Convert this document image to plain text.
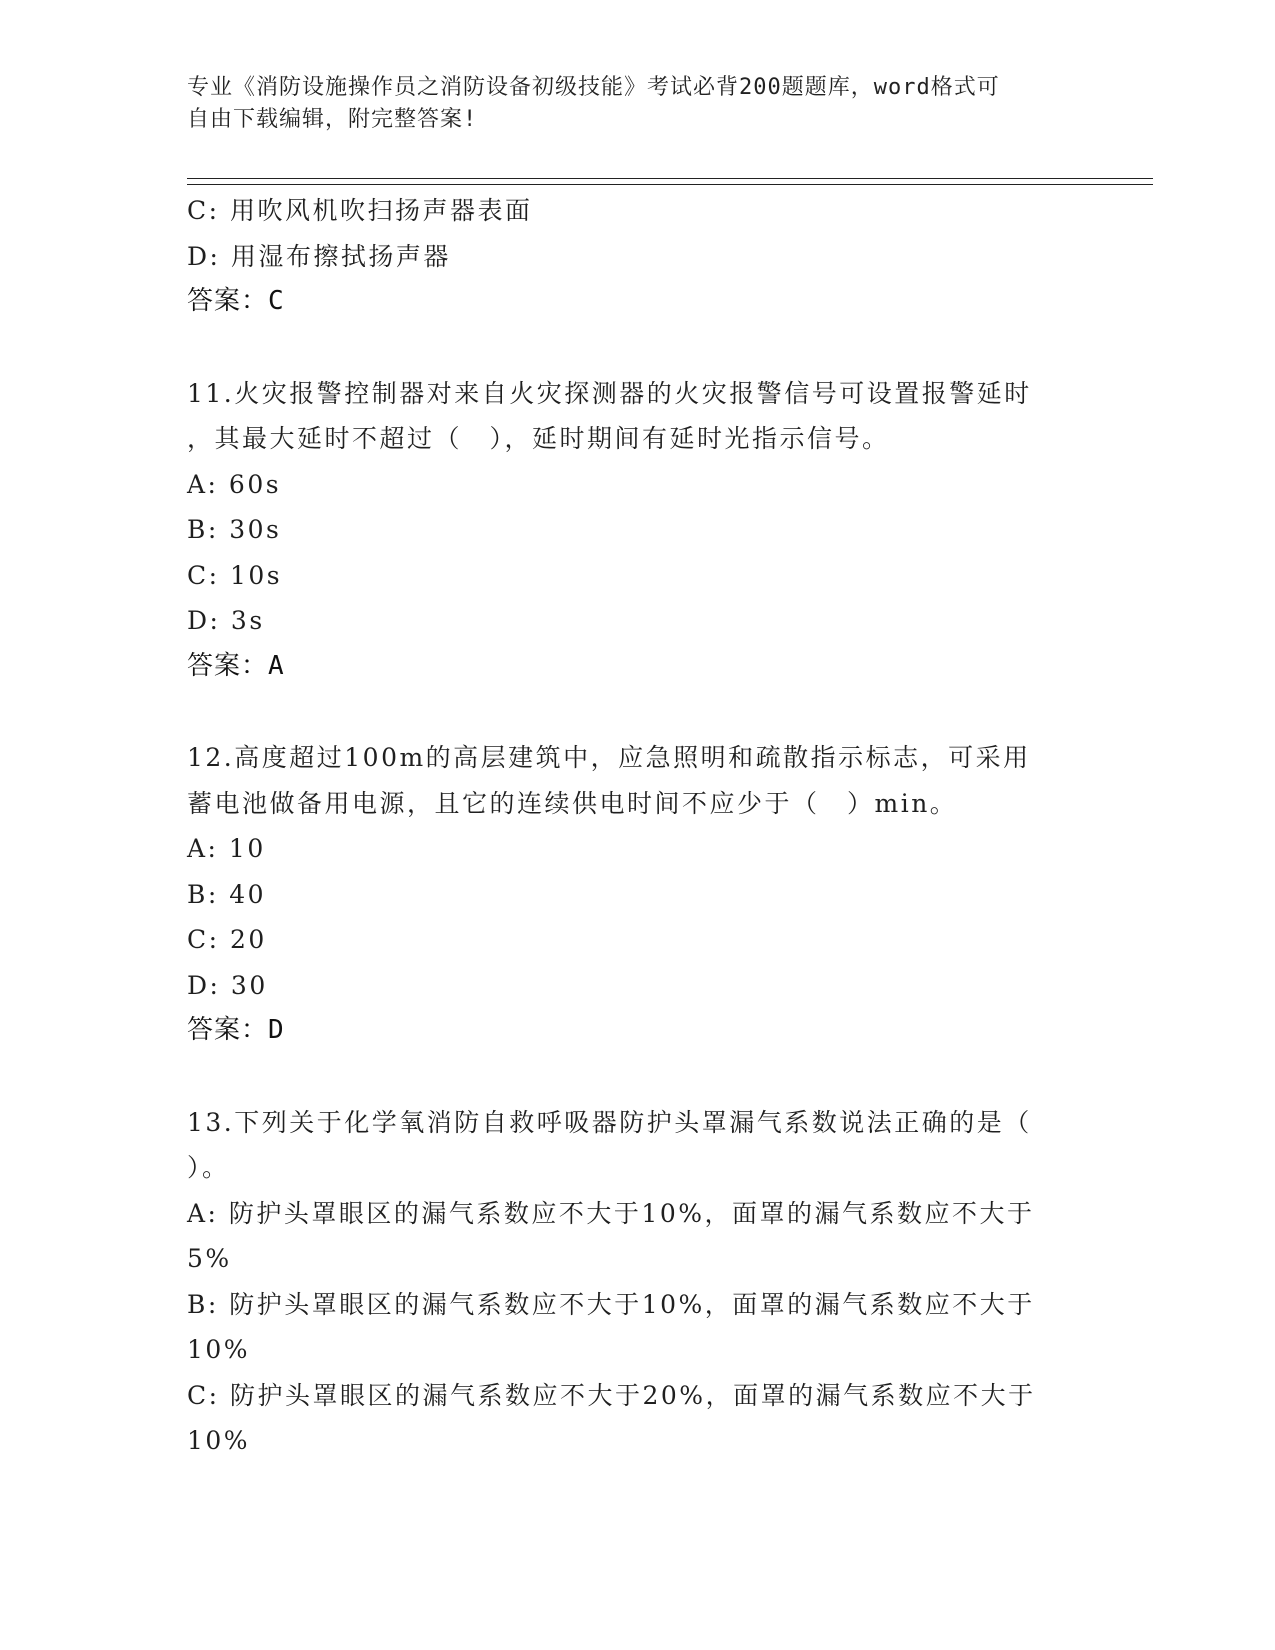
专业《消防设施操作员之消防设备初级技能》考试必背200题题库，word格式可
自由下载编辑，附完整答案!
C: 用吹风机吹扫扬声器表面
D: 用湿布擦拭扬声器
答案：C
11.火灾报警控制器对来自火灾探测器的火灾报警信号可设置报警延时
，其最大延时不超过（　），延时期间有延时光指示信号。
A: 60s
B: 30s
C: 10s
D: 3s
答案：A
12.高度超过100m的高层建筑中，应急照明和疏散指示标志，可采用
蓄电池做备用电源，且它的连续供电时间不应少于（　）min。
A: 10
B: 40
C: 20
D: 30
答案：D
13.下列关于化学氧消防自救呼吸器防护头罩漏气系数说法正确的是（
）。
A: 防护头罩眼区的漏气系数应不大于10%，面罩的漏气系数应不大于
5%
B: 防护头罩眼区的漏气系数应不大于10%，面罩的漏气系数应不大于
10%
C: 防护头罩眼区的漏气系数应不大于20%，面罩的漏气系数应不大于
10%
